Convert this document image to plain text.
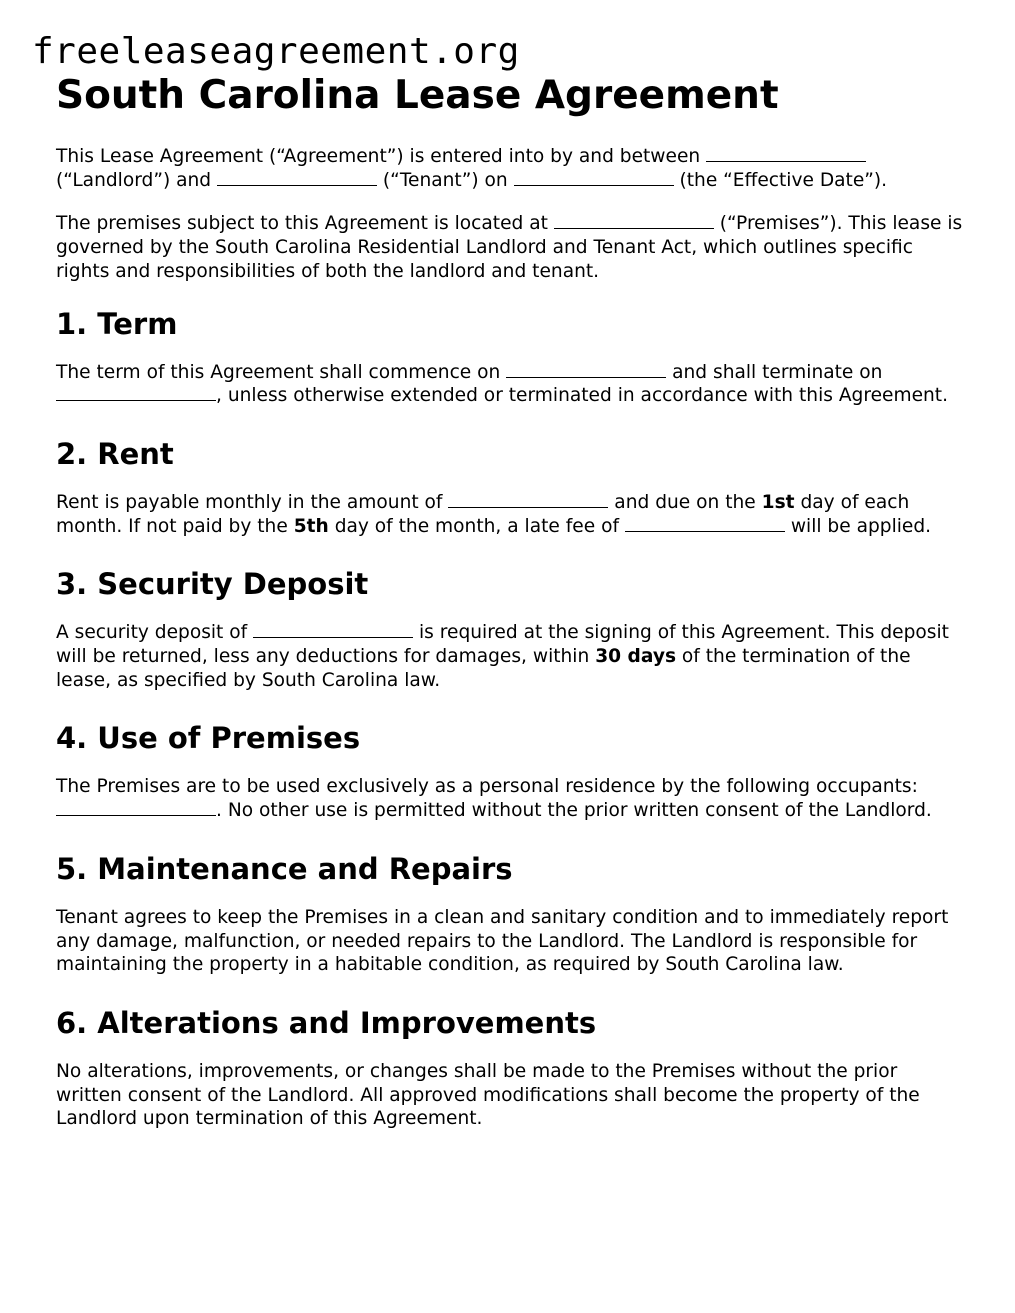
freeleaseagreement.org
South Carolina Lease Agreement

This Lease Agreement (“Agreement”) is entered into by and between  (“Landlord”) and	(“Tenant”) on	(the “Effective Date”).

The premises subject to this Agreement is located at	(“Premises”). This lease is governed by the South Carolina Residential Landlord and Tenant Act, which outlines specific rights and responsibilities of both the landlord and tenant.

1. Term

The term of this Agreement shall commence on	and shall terminate on , unless otherwise extended or terminated in accordance with this Agreement.

2. Rent

Rent is payable monthly in the amount of	and due on the 1st day of each month. If not paid by the 5th day of the month, a late fee of	will be applied.

3. Security Deposit

A security deposit of	is required at the signing of this Agreement. This deposit will be returned, less any deductions for damages, within 30 days of the termination of the lease, as specified by South Carolina law.

4. Use of Premises

The Premises are to be used exclusively as a personal residence by the following occupants: . No other use is permitted without the prior written consent of the Landlord.

5. Maintenance and Repairs

Tenant agrees to keep the Premises in a clean and sanitary condition and to immediately report any damage, malfunction, or needed repairs to the Landlord. The Landlord is responsible for maintaining the property in a habitable condition, as required by South Carolina law.

6. Alterations and Improvements

No alterations, improvements, or changes shall be made to the Premises without the prior written consent of the Landlord. All approved modifications shall become the property of the Landlord upon termination of this Agreement.
